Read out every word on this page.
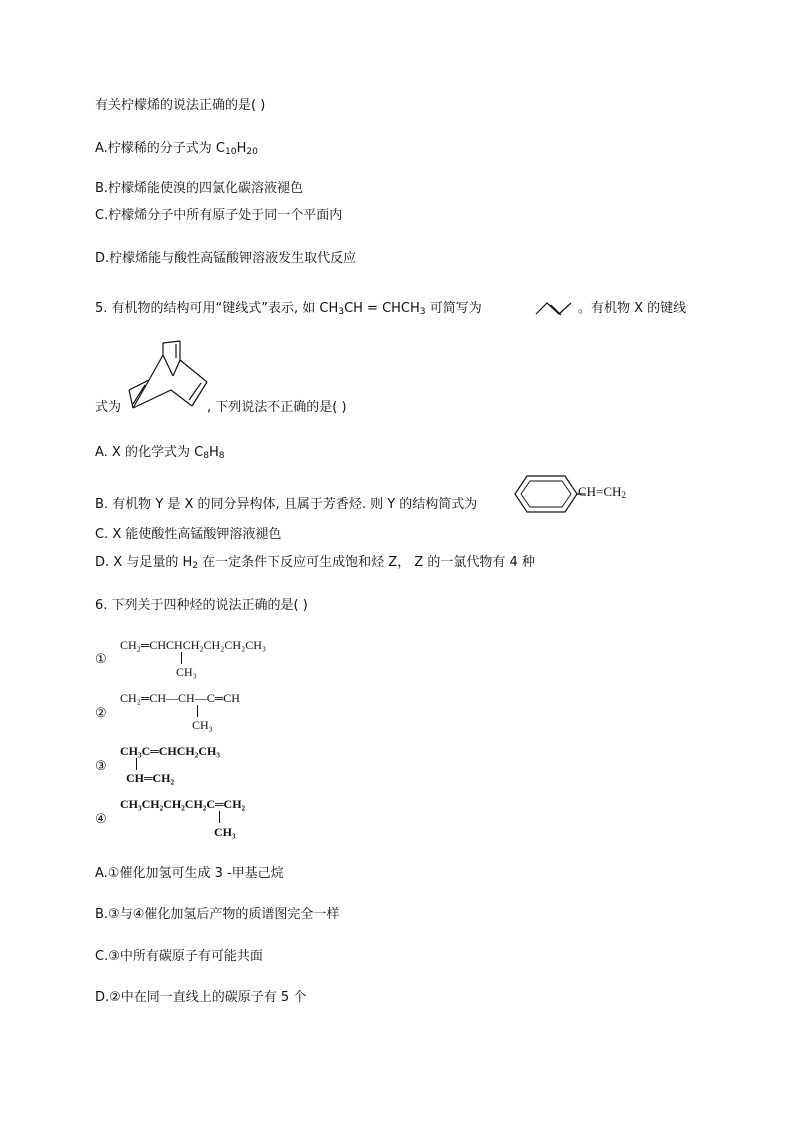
有关柠檬烯的说法正确的是( )
A.柠檬稀的分子式为 $C_{10}H_{20}$
B.柠檬烯能使溴的四氯化碳溶液褪色
C.柠檬烯分子中所有原子处于同一个平面内
D.柠檬烯能与酸性高锰酸钾溶液发生取代反应
5. 有机物的结构可用“键线式”表示, 如 $CH_3CH$ = $CHCH_3$ 可简写为	。有机物 X 的键线
式为	, 下列说法不正确的是( )
A. X 的化学式为 $C_8H_8$
B. 有机物 Y 是 X 的同分异构体, 且属于芳香烃. 则 Y 的结构简式为
$CH=CH_2$
C. X 能使酸性高锰酸钾溶液褪色
D. X 与足量的 $H_2$ 在一定条件下反应可生成饱和烃 Z， Z 的一氯代物有 4 种
6. 下列关于四种烃的说法正确的是( )
①
CH₂═CHCHCH₂CH₂CH₂CH₃
CH₃
②
CH₂═CH—CH—C═CH
CH₃
③
CH₃C═CHCH₂CH₃
CH═CH₂
④
CH₃CH₂CH₂CH₂C═CH₂
CH₃
A.①催化加氢可生成 3 -甲基己烷
B.③与④催化加氢后产物的质谱图完全一样
C.③中所有碳原子有可能共面
D.②中在同一直线上的碳原子有 5 个
